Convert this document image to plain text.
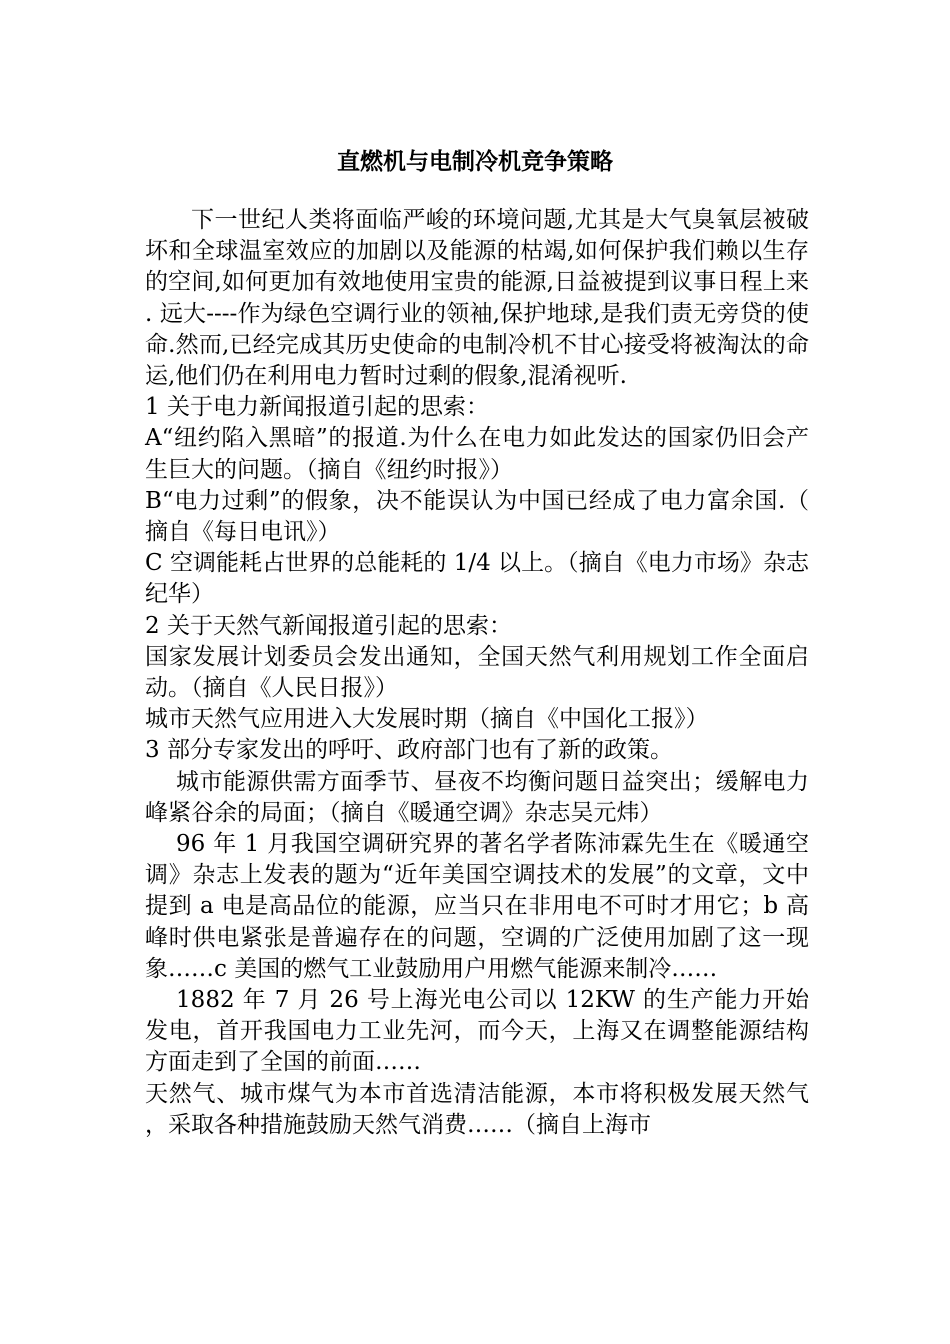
直燃机与电制冷机竞争策略

下一世纪人类将面临严峻的环境问题,尤其是大气臭氧层被破坏和全球温室效应的加剧以及能源的枯竭,如何保护我们赖以生存的空间,如何更加有效地使用宝贵的能源,日益被提到议事日程上来. 远大----作为绿色空调行业的领袖,保护地球,是我们责无旁贷的使命.然而,已经完成其历史使命的电制冷机不甘心接受将被淘汰的命运,他们仍在利用电力暂时过剩的假象,混淆视听.

1 关于电力新闻报道引起的思索：

A“纽约陷入黑暗”的报道.为什么在电力如此发达的国家仍旧会产生巨大的问题。（摘自《纽约时报》）

B“电力过剩”的假象，决不能误认为中国已经成了电力富余国.（摘自《每日电讯》）

C 空调能耗占世界的总能耗的 1/4 以上。（摘自《电力市场》杂志纪华）

2 关于天然气新闻报道引起的思索：

国家发展计划委员会发出通知，全国天然气利用规划工作全面启动。（摘自《人民日报》）

城市天然气应用进入大发展时期（摘自《中国化工报》）

3 部分专家发出的呼吁、政府部门也有了新的政策。

城市能源供需方面季节、昼夜不均衡问题日益突出；缓解电力峰紧谷余的局面；（摘自《暖通空调》杂志吴元炜）

96 年 1 月我国空调研究界的著名学者陈沛霖先生在《暖通空调》杂志上发表的题为“近年美国空调技术的发展”的文章，文中提到 a 电是高品位的能源，应当只在非用电不可时才用它；b 高峰时供电紧张是普遍存在的问题，空调的广泛使用加剧了这一现象……c 美国的燃气工业鼓励用户用燃气能源来制冷……

1882 年 7 月 26 号上海光电公司以 12KW 的生产能力开始发电，首开我国电力工业先河，而今天，上海又在调整能源结构方面走到了全国的前面……

天然气、城市煤气为本市首选清洁能源，本市将积极发展天然气，采取各种措施鼓励天然气消费……（摘自上海市
